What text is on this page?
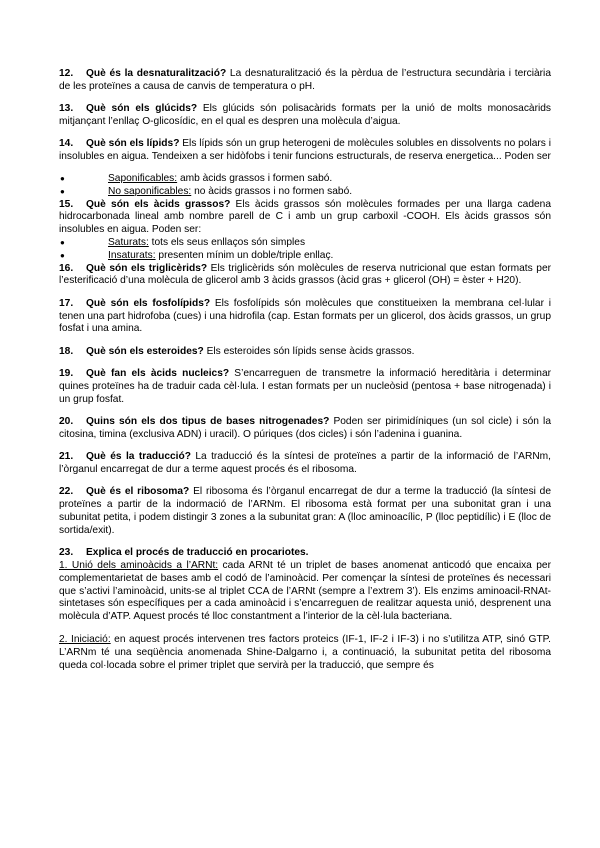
12. Què és la desnaturalització? La desnaturalització és la pèrdua de l’estructura secundària i terciària de les proteïnes a causa de canvis de temperatura o pH.

13. Què són els glúcids? Els glúcids són polisacàrids formats per la unió de molts monosacàrids mitjançant l’enllaç O-glicosídic, en el qual es despren una molècula d’aigua.

14. Què són els lípids? Els lípids són un grup heterogeni de molècules solubles en dissolvents no polars i insolubles en aigua. Tendeixen a ser hidòfobs i tenir funcions estructurals, de reserva energetica... Poden ser

● Saponificables: amb àcids grassos i formen sabó.
● No saponificables: no àcids grassos i no formen sabó.

15. Què són els àcids grassos? Els àcids grassos són molècules formades per una llarga cadena hidrocarbonada lineal amb nombre parell de C i amb un grup carboxil -COOH. Els àcids grassos són insolubles en aigua. Poden ser:

● Saturats: tots els seus enllaços són simples
● Insaturats: presenten mínim un doble/triple enllaç.

16. Què són els triglicèrids? Els triglicèrids són molècules de reserva nutricional que estan formats per l’esterificació d’una molècula de glicerol amb 3 àcids grassos (àcid gras + glicerol (OH) = èster + H20).

17. Què són els fosfolípids? Els fosfolípids són molècules que constitueixen la membrana cel·lular i tenen una part hidrofoba (cues) i una hidrofila (cap. Estan formats per un glicerol, dos àcids grassos, un grup fosfat i una amina.

18. Què són els esteroides? Els esteroides són lípids sense àcids grassos.

19. Què fan els àcids nucleics? S’encarreguen de transmetre la informació hereditària i determinar quines proteïnes ha de traduir cada cèl·lula. I estan formats per un nucleòsid (pentosa + base nitrogenada) i un grup fosfat.

20. Quins són els dos tipus de bases nitrogenades? Poden ser pirimidíniques (un sol cicle) i són la citosina, timina (exclusiva ADN) i uracil). O púriques (dos cicles) i són l’adenina i guanina.

21. Què és la traducció? La traducció és la síntesi de proteïnes a partir de la informació de l’ARNm, l’òrganul encarregat de dur a terme aquest procés és el ribosoma.

22. Què és el ribosoma? El ribosoma és l’òrganul encarregat de dur a terme la traducció (la síntesi de proteïnes a partir de la indormació de l’ARNm. El ribosoma està format per una subonitat gran i una subunitat petita, i podem distingir 3 zones a la subunitat gran: A (lloc aminoacílic, P (lloc peptidílic) i E (lloc de sortida/exit).

23. Explica el procés de traducció en procariotes.

1. Unió dels aminoàcids a l’ARNt: cada ARNt té un triplet de bases anomenat anticodó que encaixa per complementarietat de bases amb el codó de l’aminoàcid. Per començar la síntesi de proteïnes és necessari que s’activi l’aminoàcid, units-se al triplet CCA de l’ARNt (sempre a l’extrem 3’). Els enzims aminoacil-RNAt-sintetases són específiques per a cada aminoàcid i s’encarreguen de realitzar aquesta unió, desprenent una molècula d’ATP. Aquest procés té lloc constantment a l’interior de la cèl·lula bacteriana.

2. Iniciació: en aquest procés intervenen tres factors proteics (IF-1, IF-2 i IF-3) i no s’utilitza ATP, sinó GTP. L’ARNm té una seqüència anomenada Shine-Dalgarno i, a continuació, la subunitat petita del ribosoma queda col·locada sobre el primer triplet que servirà per la traducció, que sempre és
